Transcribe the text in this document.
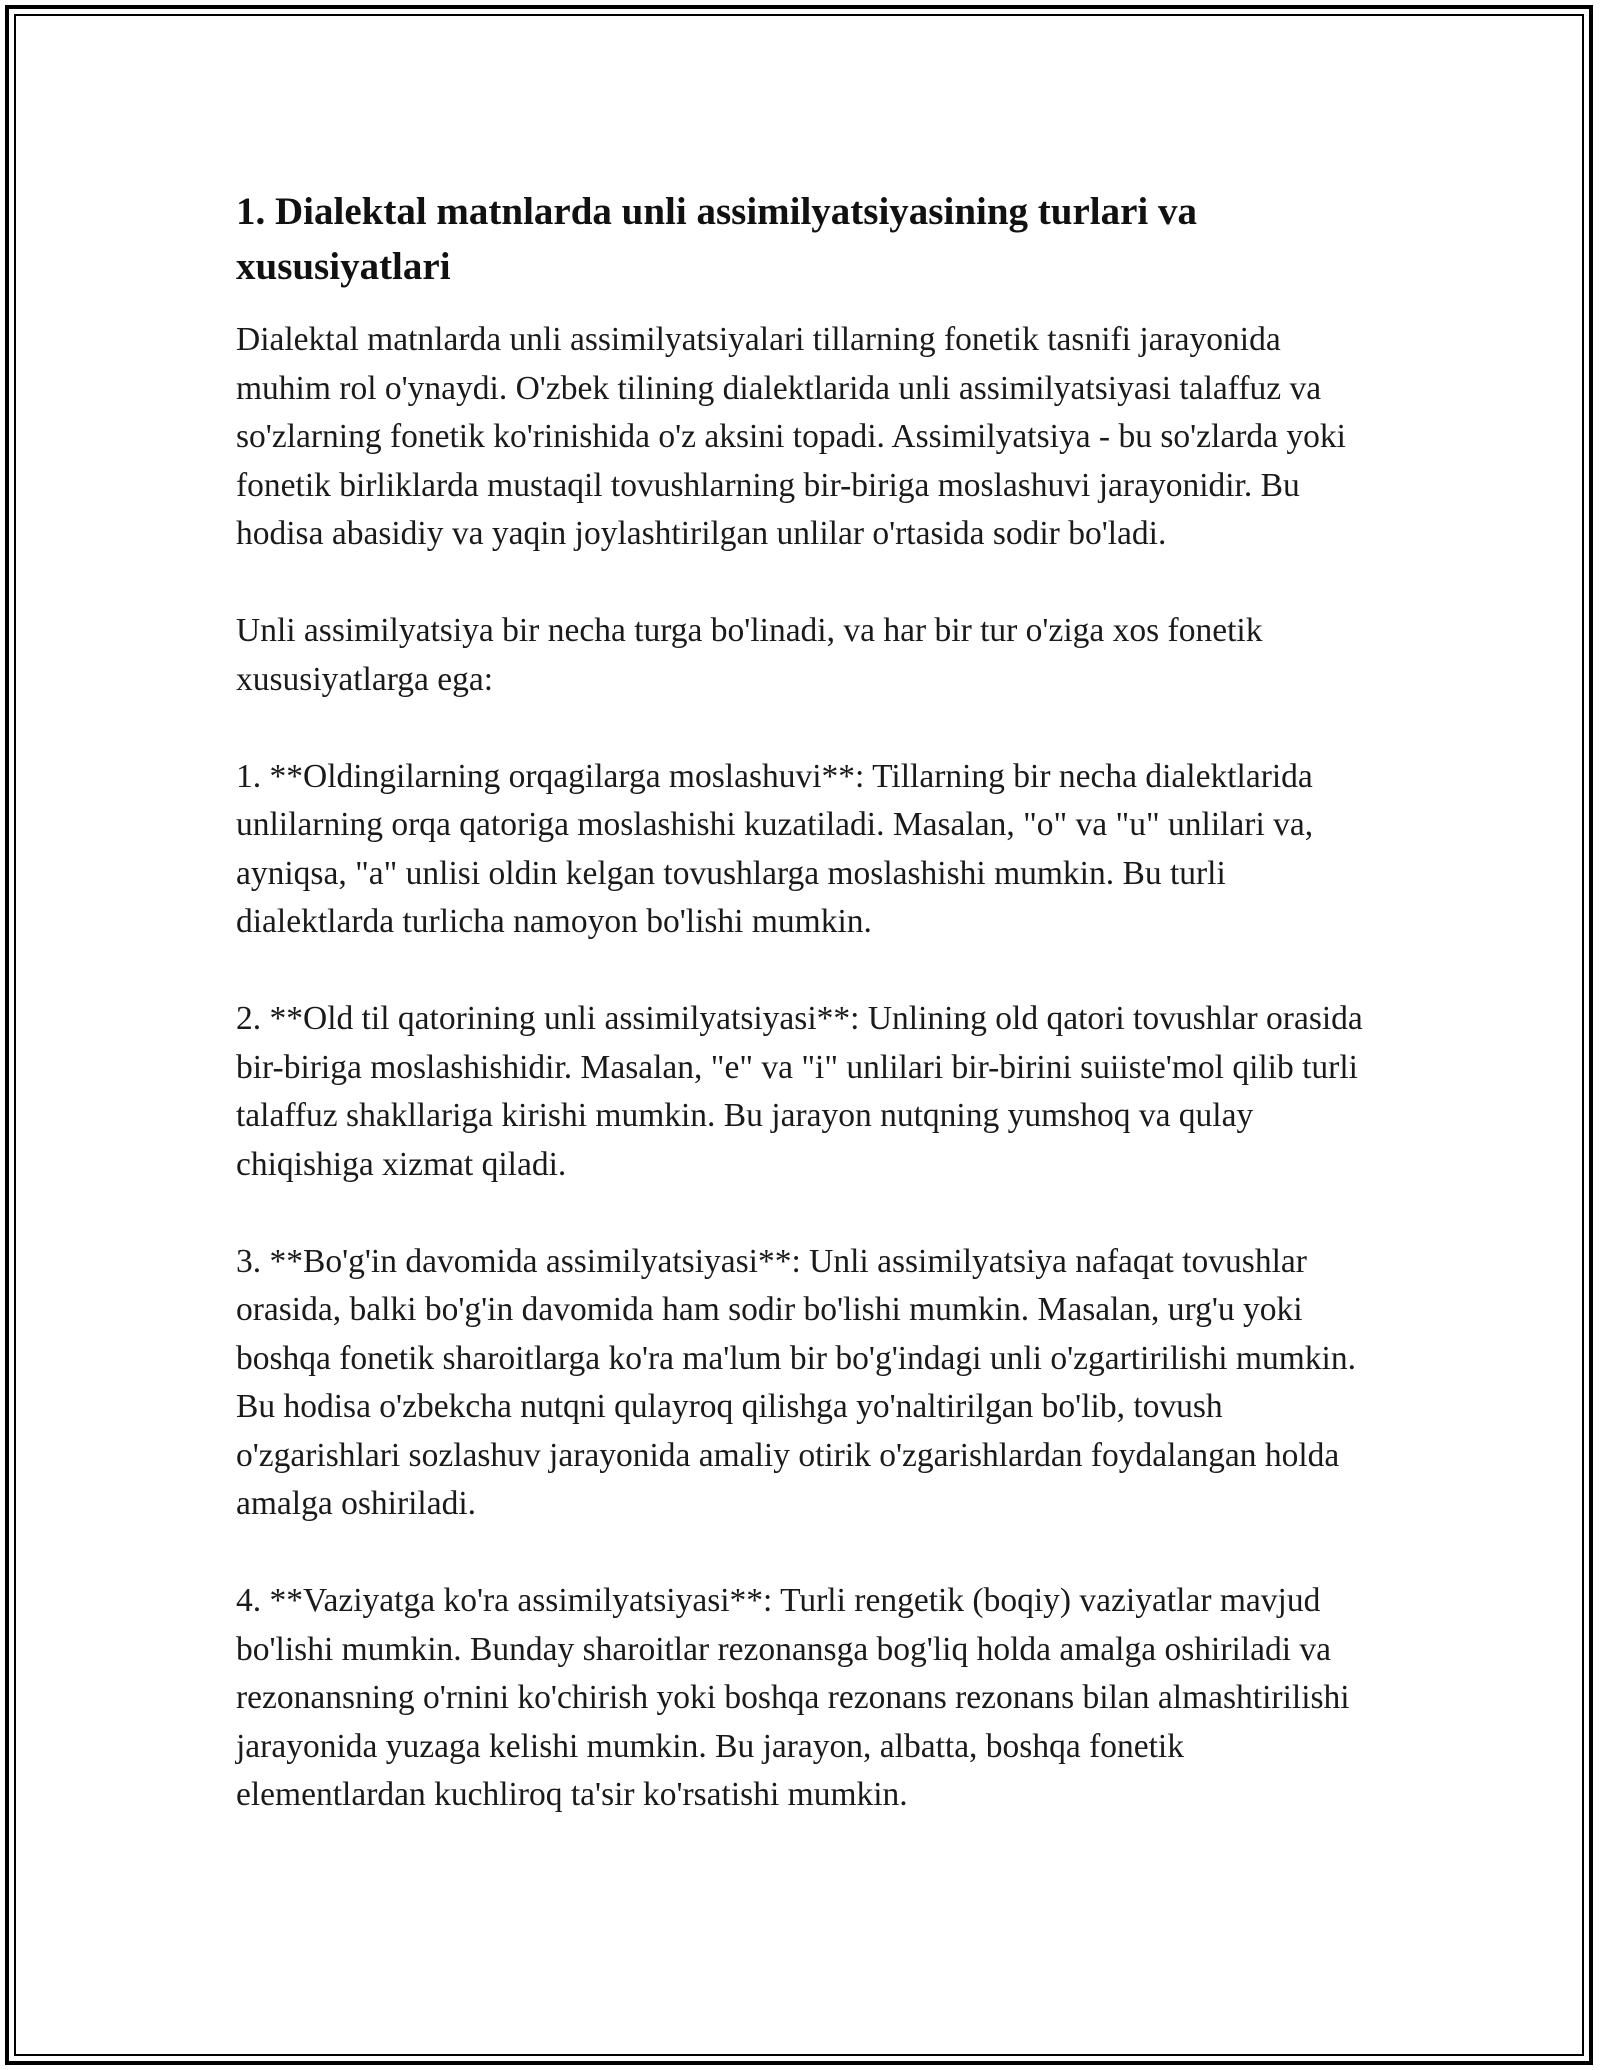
1. Dialektal matnlarda unli assimilyatsiyasining turlari va xususiyatlari

Dialektal matnlarda unli assimilyatsiyalari tillarning fonetik tasnifi jarayonida muhim rol o'ynaydi. O'zbek tilining dialektlarida unli assimilyatsiyasi talaffuz va so'zlarning fonetik ko'rinishida o'z aksini topadi. Assimilyatsiya - bu so'zlarda yoki fonetik birliklarda mustaqil tovushlarning bir-biriga moslashuvi jarayonidir. Bu hodisa abasidiy va yaqin joylashtirilgan unlilar o'rtasida sodir bo'ladi.

Unli assimilyatsiya bir necha turga bo'linadi, va har bir tur o'ziga xos fonetik xususiyatlarga ega:

1. **Oldingilarning orqagilarga moslashuvi**: Tillarning bir necha dialektlarida unlilarning orqa qatoriga moslashishi kuzatiladi. Masalan, "o" va "u" unlilari va, ayniqsa, "a" unlisi oldin kelgan tovushlarga moslashishi mumkin. Bu turli dialektlarda turlicha namoyon bo'lishi mumkin.

2. **Old til qatorining unli assimilyatsiyasi**: Unlining old qatori tovushlar orasida bir-biriga moslashishidir. Masalan, "e" va "i" unlilari bir-birini suiiste'mol qilib turli talaffuz shakllariga kirishi mumkin. Bu jarayon nutqning yumshoq va qulay chiqishiga xizmat qiladi.

3. **Bo'g'in davomida assimilyatsiyasi**: Unli assimilyatsiya nafaqat tovushlar orasida, balki bo'g'in davomida ham sodir bo'lishi mumkin. Masalan, urg'u yoki boshqa fonetik sharoitlarga ko'ra ma'lum bir bo'g'indagi unli o'zgartirilishi mumkin. Bu hodisa o'zbekcha nutqni qulayroq qilishga yo'naltirilgan bo'lib, tovush o'zgarishlari sozlashuv jarayonida amaliy otirik o'zgarishlardan foydalangan holda amalga oshiriladi.

4. **Vaziyatga ko'ra assimilyatsiyasi**: Turli rengetik (boqiy) vaziyatlar mavjud bo'lishi mumkin. Bunday sharoitlar rezonansga bog'liq holda amalga oshiriladi va rezonansning o'rnini ko'chirish yoki boshqa rezonans rezonans bilan almashtirilishi jarayonida yuzaga kelishi mumkin. Bu jarayon, albatta, boshqa fonetik elementlardan kuchliroq ta'sir ko'rsatishi mumkin.
